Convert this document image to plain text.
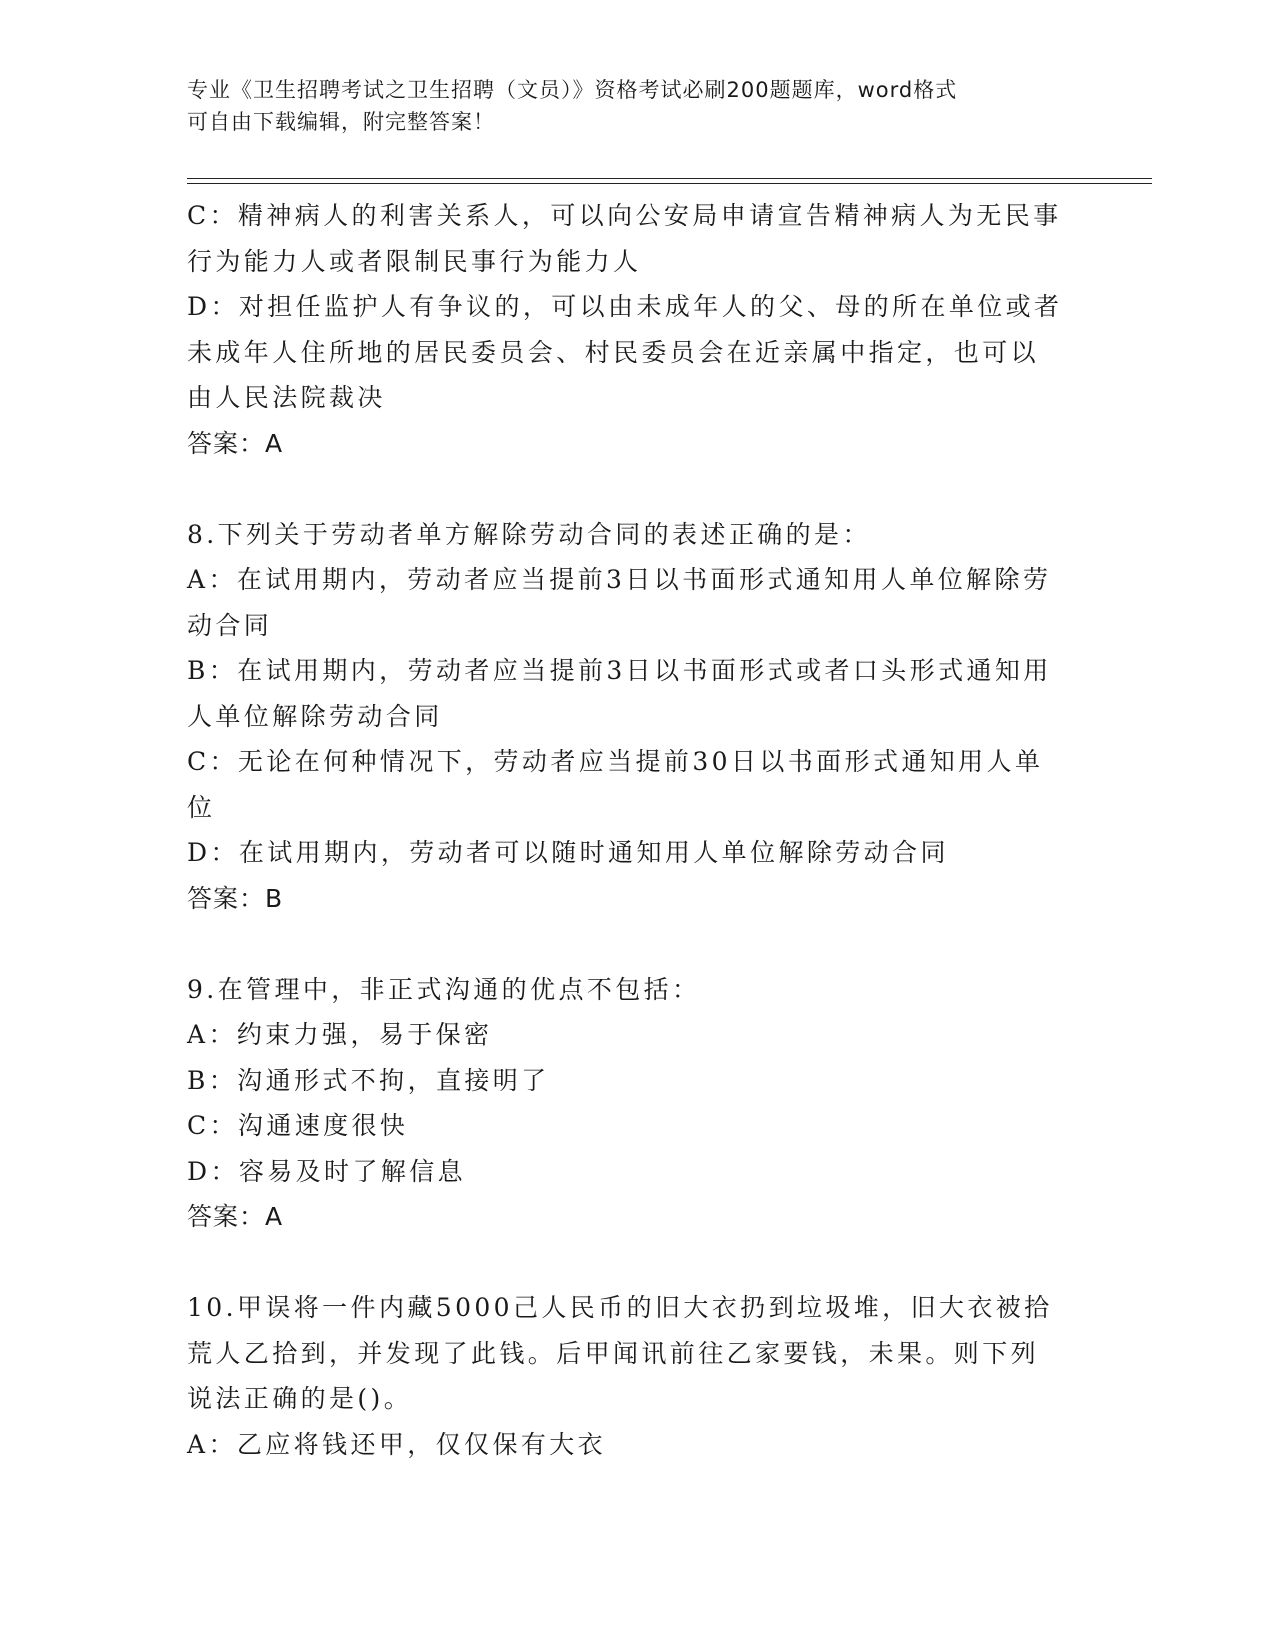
专业《卫生招聘考试之卫生招聘（文员）》资格考试必刷200题题库，word格式
可自由下载编辑，附完整答案！

C：精神病人的利害关系人，可以向公安局申请宣告精神病人为无民事

行为能力人或者限制民事行为能力人

D：对担任监护人有争议的，可以由未成年人的父、母的所在单位或者

未成年人住所地的居民委员会、村民委员会在近亲属中指定，也可以

由人民法院裁决

答案：A

8.下列关于劳动者单方解除劳动合同的表述正确的是：

A：在试用期内，劳动者应当提前3日以书面形式通知用人单位解除劳

动合同

B：在试用期内，劳动者应当提前3日以书面形式或者口头形式通知用

人单位解除劳动合同

C：无论在何种情况下，劳动者应当提前30日以书面形式通知用人单

位

D：在试用期内，劳动者可以随时通知用人单位解除劳动合同

答案：B

9.在管理中，非正式沟通的优点不包括：

A：约束力强，易于保密

B：沟通形式不拘，直接明了

C：沟通速度很快

D：容易及时了解信息

答案：A

10.甲误将一件内藏5000己人民币的旧大衣扔到垃圾堆，旧大衣被拾

荒人乙拾到，并发现了此钱。后甲闻讯前往乙家要钱，未果。则下列

说法正确的是()。

A：乙应将钱还甲，仅仅保有大衣
